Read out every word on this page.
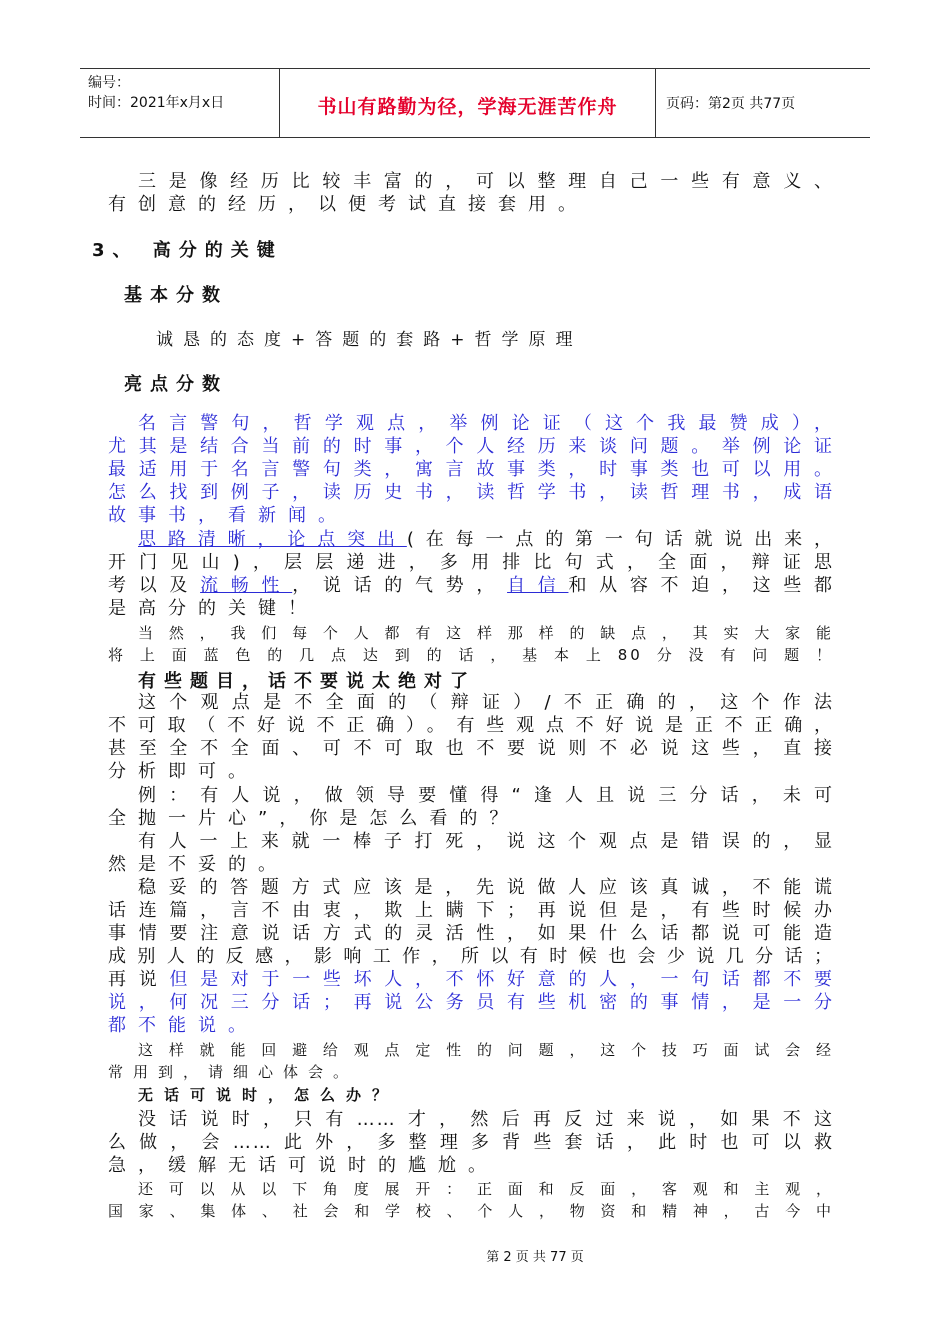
编号：
时间：2021年x月x日	书山有路勤为径，学海无涯苦作舟	页码：第2页 共77页
三是像经历比较丰富的，可以整理自己一些有意义、
有创意的经历，以便考试直接套用。
3、 高分的关键
基本分数
诚恳的态度+答题的套路+哲学原理
亮点分数
名言警句，哲学观点，举例论证（这个我最赞成），
尤其是结合当前的时事，个人经历来谈问题。举例论证
最适用于名言警句类，寓言故事类，时事类也可以用。
怎么找到例子，读历史书，读哲学书，读哲理书，成语
故事书，看新闻。
思路清晰，论点突出(在每一点的第一句话就说出来，
开门见山)，层层递进，多用排比句式，全面，辩证思
考以及流畅性，说话的气势，自信和从容不迫，这些都
是高分的关键！
当然，我们每个人都有这样那样的缺点，其实大家能
将上面蓝色的几点达到的话，基本上80分没有问题！
有些题目，话不要说太绝对了
这个观点是不全面的（辩证）/不正确的，这个作法
不可取（不好说不正确）。有些观点不好说是正不正确，
甚至全不全面、可不可取也不要说则不必说这些，直接
分析即可。
例：有人说，做领导要懂得“逢人且说三分话，未可
全抛一片心”，你是怎么看的？
有人一上来就一棒子打死，说这个观点是错误的，显
然是不妥的。
稳妥的答题方式应该是，先说做人应该真诚，不能谎
话连篇，言不由衷，欺上瞒下；再说但是，有些时候办
事情要注意说话方式的灵活性，如果什么话都说可能造
成别人的反感，影响工作，所以有时候也会少说几分话；
再说但是对于一些坏人，不怀好意的人，一句话都不要
说，何况三分话；再说公务员有些机密的事情，是一分
都不能说。
这样就能回避给观点定性的问题，这个技巧面试会经
常用到，请细心体会。
无话可说时，怎么办？
没话说时，只有……才，然后再反过来说，如果不这
么做，会……此外，多整理多背些套话，此时也可以救
急，缓解无话可说时的尴尬。
还可以从以下角度展开：正面和反面，客观和主观，
国家、集体、社会和学校、个人，物资和精神，古今中
第 2 页 共 77 页
